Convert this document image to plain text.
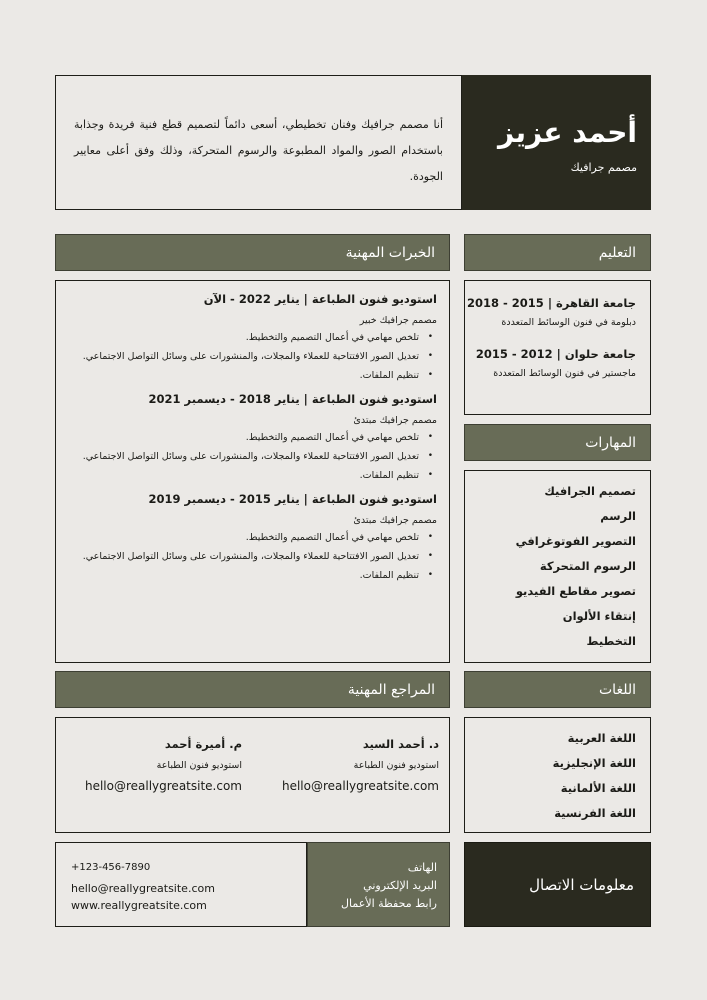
أحمد عزيز
مصمم جرافيك

أنا مصمم جرافيك وفنان تخطيطي، أسعى دائماً لتصميم قطع فنية فريدة وجذابة باستخدام الصور والمواد المطبوعة والرسوم المتحركة، وذلك وفق أعلى معايير الجودة.

التعليم
جامعة القاهرة | 2015 - 2018
دبلومة في فنون الوسائط المتعددة
جامعة حلوان | 2012 - 2015
ماجستير في فنون الوسائط المتعددة
الخبرات المهنية
استوديو فنون الطباعة | يناير 2022 - الآن
مصمم جرافيك خبير
•
تلخص مهامي في أعمال التصميم والتخطيط.
•
تعديل الصور الافتتاحية للعملاء والمجلات، والمنشورات على وسائل التواصل الاجتماعي.
•
تنظيم الملفات.
استوديو فنون الطباعة | يناير 2018 - ديسمبر 2021
مصمم جرافيك مبتدئ
•
تلخص مهامي في أعمال التصميم والتخطيط.
•
تعديل الصور الافتتاحية للعملاء والمجلات، والمنشورات على وسائل التواصل الاجتماعي.
•
تنظيم الملفات.
استوديو فنون الطباعة | يناير 2015 - ديسمبر 2019
مصمم جرافيك مبتدئ
•
تلخص مهامي في أعمال التصميم والتخطيط.
•
تعديل الصور الافتتاحية للعملاء والمجلات، والمنشورات على وسائل التواصل الاجتماعي.
•
تنظيم الملفات.
المهارات
تصميم الجرافيك
الرسم
التصوير الفوتوغرافي
الرسوم المتحركة
تصوير مقاطع الفيديو
إنتقاء الألوان
التخطيط
المراجع المهنية
د. أحمد السيد
استوديو فنون الطباعة
hello@reallygreatsite.com
م. أميرة أحمد
استوديو فنون الطباعة
hello@reallygreatsite.com
اللغات
اللغة العربية
اللغة الإنجليزية
اللغة الألمانية
اللغة الفرنسية
معلومات الاتصال
الهاتف
البريد الإلكتروني
رابط محفظة الأعمال
+123-456-7890
hello@reallygreatsite.com
www.reallygreatsite.com
